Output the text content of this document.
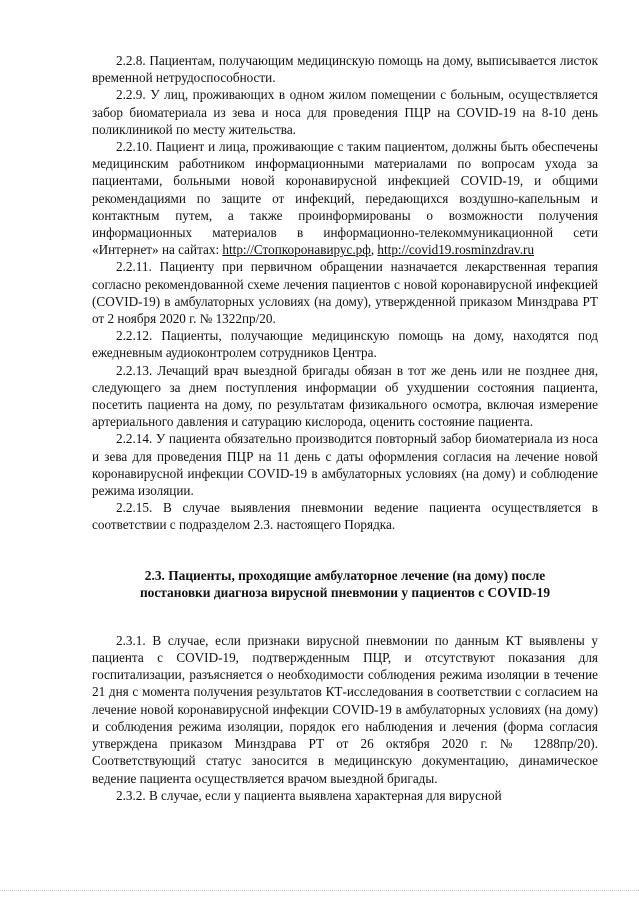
2.2.8. Пациентам, получающим медицинскую помощь на дому, выписывается листок временной нетрудоспособности.

2.2.9. У лиц, проживающих в одном жилом помещении с больным, осуществляется забор биоматериала из зева и носа для проведения ПЦР на COVID-19 на 8-10 день поликлиникой по месту жительства.

2.2.10. Пациент и лица, проживающие с таким пациентом, должны быть обеспечены медицинским работником информационными материалами по вопросам ухода за пациентами, больными новой коронавирусной инфекцией COVID-19, и общими рекомендациями по защите от инфекций, передающихся воздушно-капельным и контактным путем, а также проинформированы о возможности получения информационных материалов в информационно-телекоммуникационной сети «Интернет» на сайтах: http://Стопкоронавирус.рф, http://covid19.rosminzdrav.ru

2.2.11. Пациенту при первичном обращении назначается лекарственная терапия согласно рекомендованной схеме лечения пациентов с новой коронавирусной инфекцией (COVID-19) в амбулаторных условиях (на дому), утвержденной приказом Минздрава РТ от 2 ноября 2020 г. № 1322пр/20.

2.2.12. Пациенты, получающие медицинскую помощь на дому, находятся под ежедневным аудиоконтролем сотрудников Центра.

2.2.13. Лечащий врач выездной бригады обязан в тот же день или не позднее дня, следующего за днем поступления информации об ухудшении состояния пациента, посетить пациента на дому, по результатам физикального осмотра, включая измерение артериального давления и сатурацию кислорода, оценить состояние пациента.

2.2.14. У пациента обязательно производится повторный забор биоматериала из носа и зева для проведения ПЦР на 11 день с даты оформления согласия на лечение новой коронавирусной инфекции COVID-19 в амбулаторных условиях (на дому) и соблюдение режима изоляции.

2.2.15. В случае выявления пневмонии ведение пациента осуществляется в соответствии с подразделом 2.3. настоящего Порядка.

2.3. Пациенты, проходящие амбулаторное лечение (на дому) после
постановки диагноза вирусной пневмонии у пациентов с COVID-19

2.3.1. В случае, если признаки вирусной пневмонии по данным КТ выявлены у пациента с COVID-19, подтвержденным ПЦР, и отсутствуют показания для госпитализации, разъясняется о необходимости соблюдения режима изоляции в течение 21 дня с момента получения результатов КТ-исследования в соответствии с согласием на лечение новой коронавирусной инфекции COVID-19 в амбулаторных условиях (на дому) и соблюдения режима изоляции, порядок его наблюдения и лечения (форма согласия утверждена приказом Минздрава РТ от 26 октября 2020 г. № 1288пр/20). Соответствующий статус заносится в медицинскую документацию, динамическое ведение пациента осуществляется врачом выездной бригады.

2.3.2. В случае, если у пациента выявлена характерная для вирусной
